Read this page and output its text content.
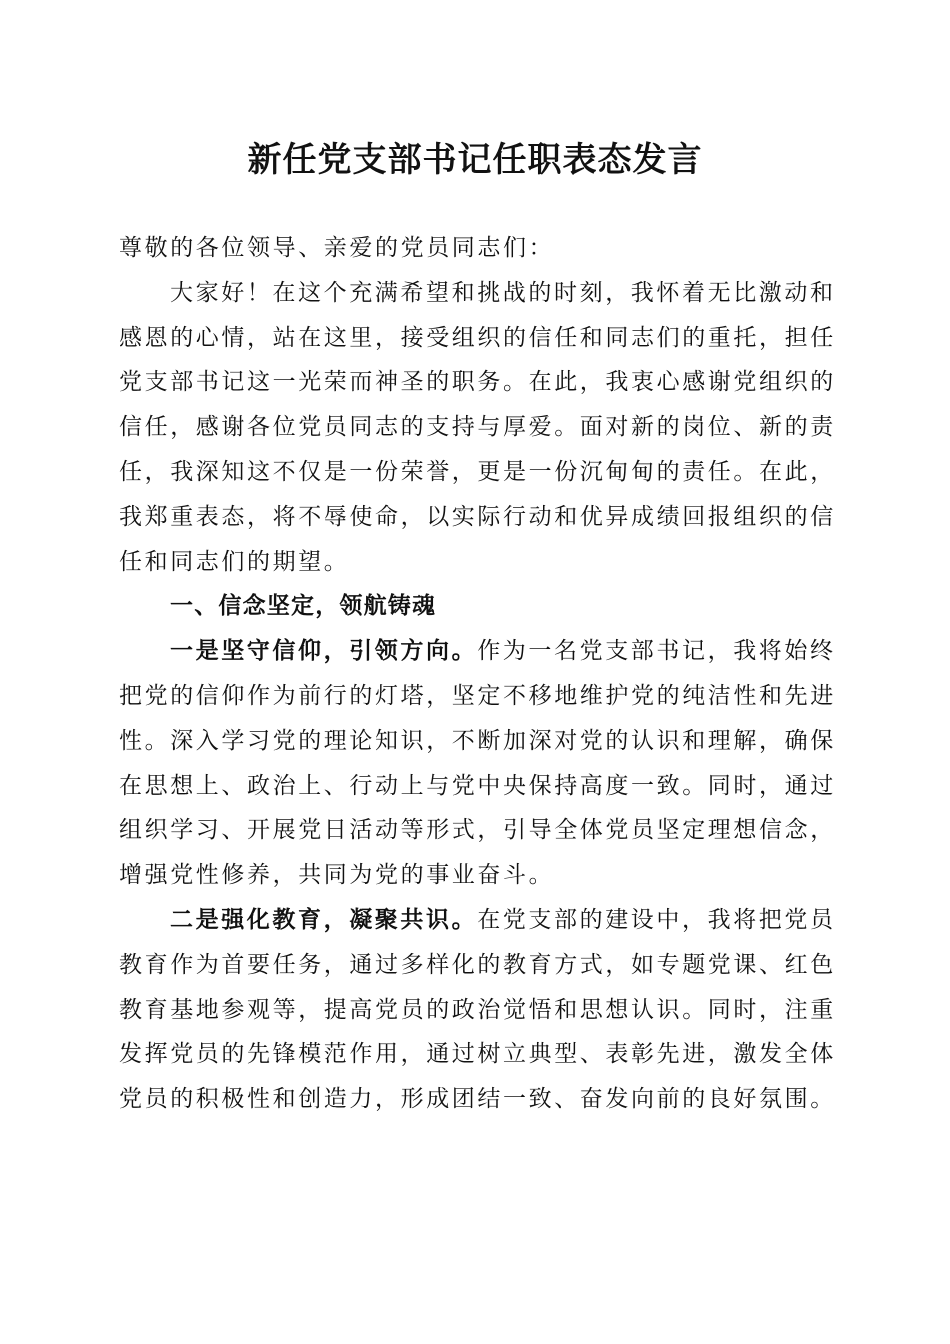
新任党支部书记任职表态发言

尊敬的各位领导、亲爱的党员同志们：

大家好！在这个充满希望和挑战的时刻，我怀着无比激动和感恩的心情，站在这里，接受组织的信任和同志们的重托，担任党支部书记这一光荣而神圣的职务。在此，我衷心感谢党组织的信任，感谢各位党员同志的支持与厚爱。面对新的岗位、新的责任，我深知这不仅是一份荣誉，更是一份沉甸甸的责任。在此，我郑重表态，将不辱使命，以实际行动和优异成绩回报组织的信任和同志们的期望。

一、信念坚定，领航铸魂

一是坚守信仰，引领方向。作为一名党支部书记，我将始终把党的信仰作为前行的灯塔，坚定不移地维护党的纯洁性和先进性。深入学习党的理论知识，不断加深对党的认识和理解，确保在思想上、政治上、行动上与党中央保持高度一致。同时，通过组织学习、开展党日活动等形式，引导全体党员坚定理想信念，增强党性修养，共同为党的事业奋斗。

二是强化教育，凝聚共识。在党支部的建设中，我将把党员教育作为首要任务，通过多样化的教育方式，如专题党课、红色教育基地参观等，提高党员的政治觉悟和思想认识。同时，注重发挥党员的先锋模范作用，通过树立典型、表彰先进，激发全体党员的积极性和创造力，形成团结一致、奋发向前的良好氛围。
